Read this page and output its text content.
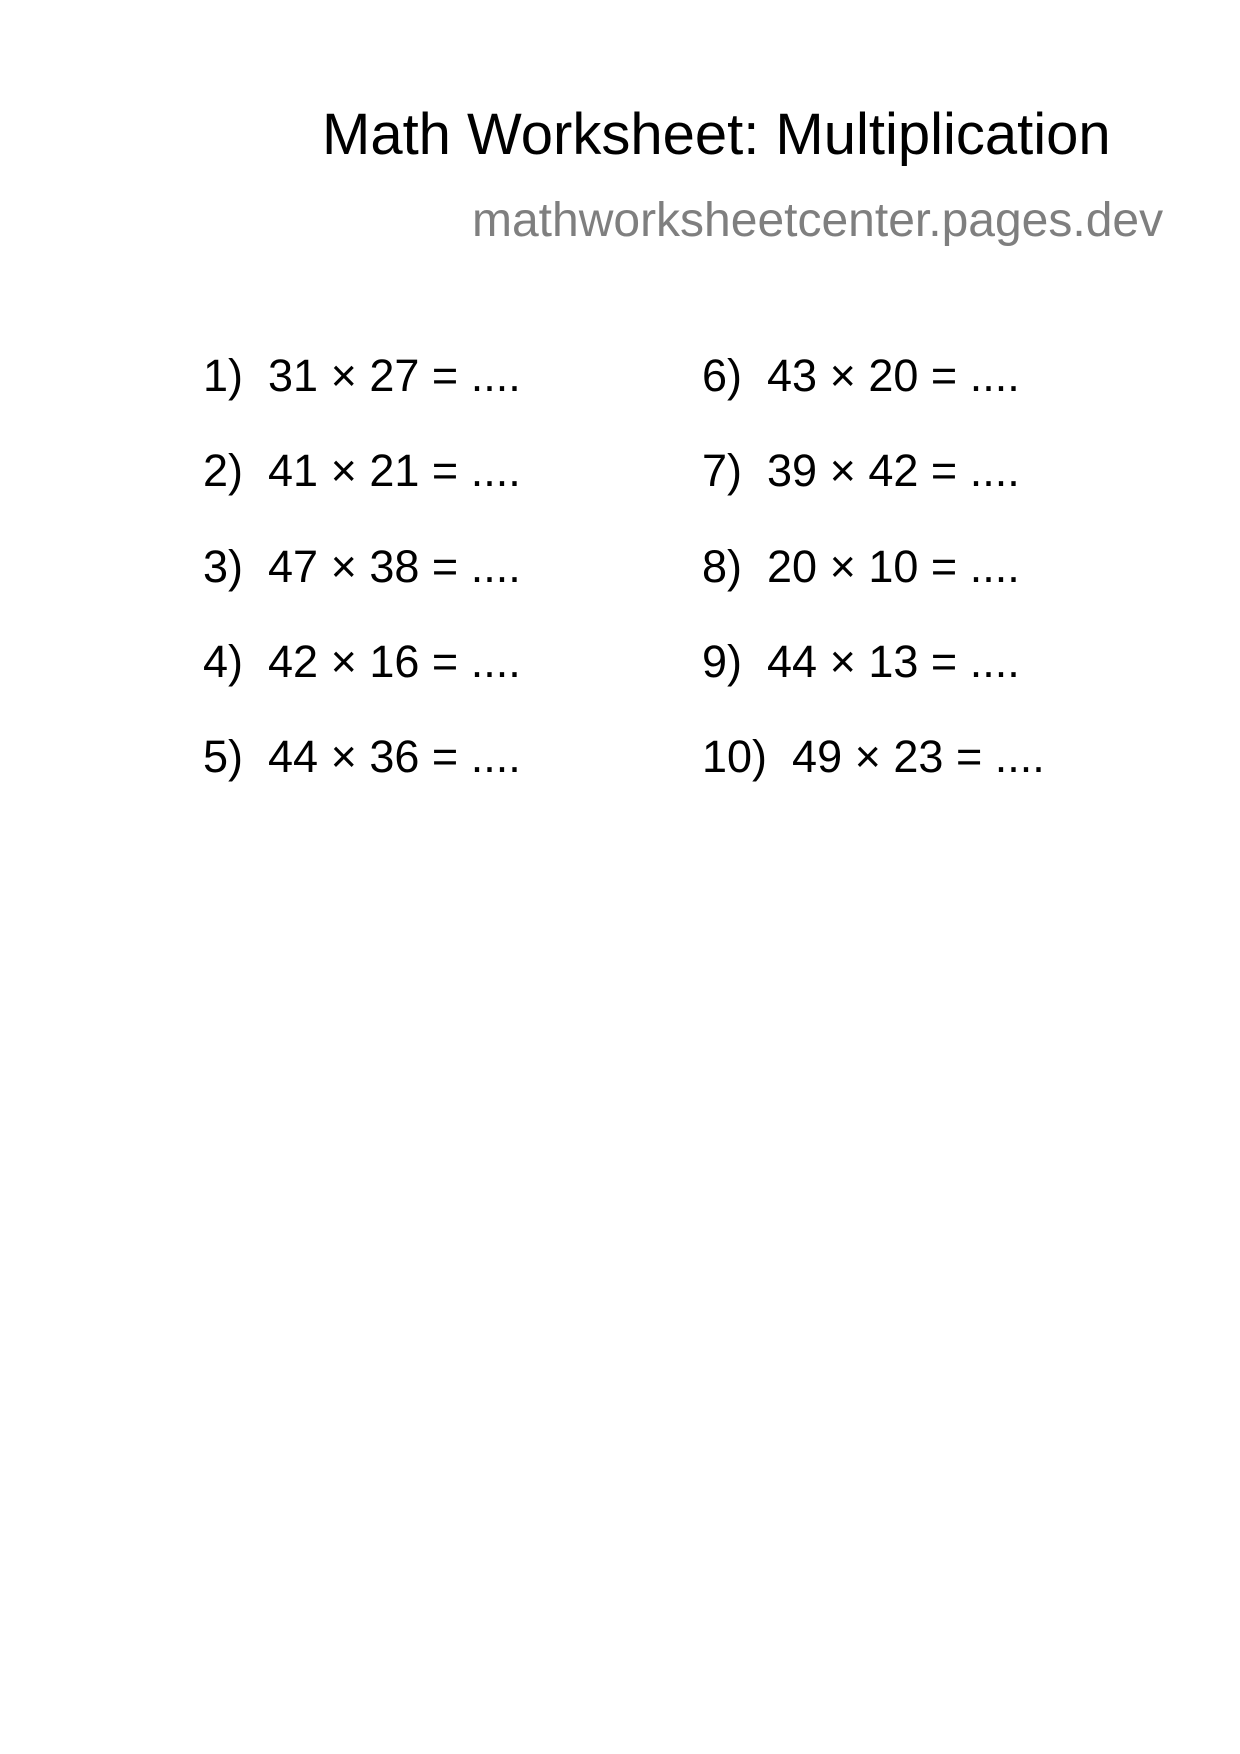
Math Worksheet: Multiplication
mathworksheetcenter.pages.dev
1)  31 × 27 = ....
2)  41 × 21 = ....
3)  47 × 38 = ....
4)  42 × 16 = ....
5)  44 × 36 = ....
6)  43 × 20 = ....
7)  39 × 42 = ....
8)  20 × 10 = ....
9)  44 × 13 = ....
10)  49 × 23 = ....
